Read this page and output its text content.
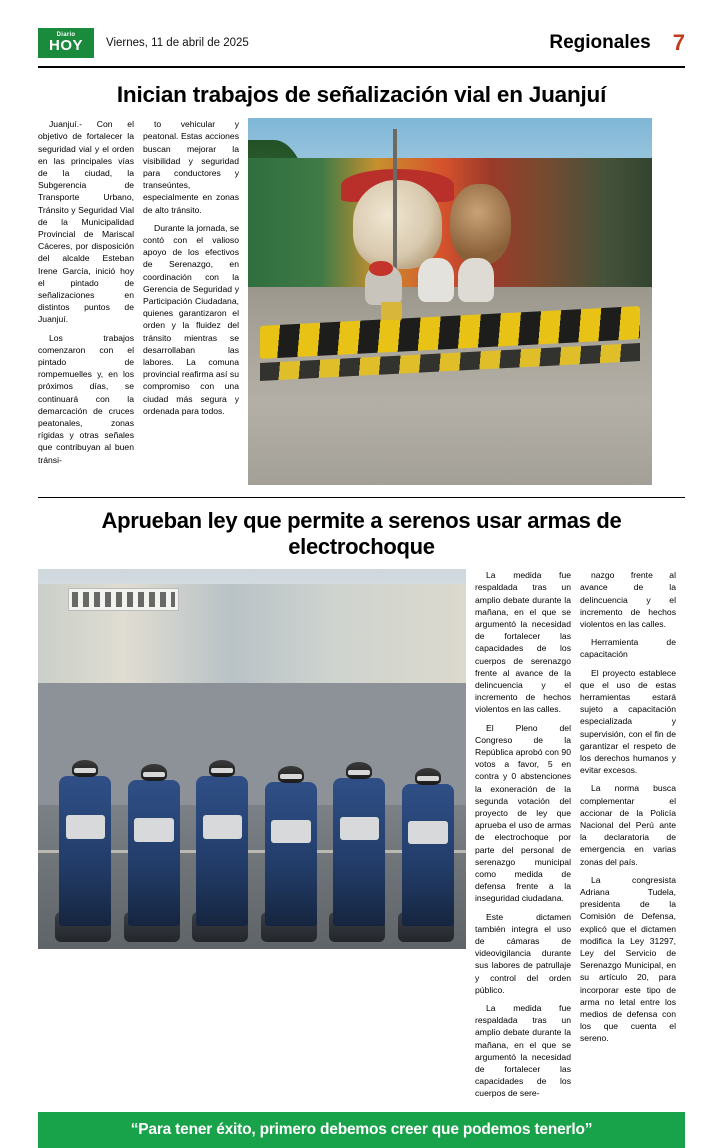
Diario
HOY Viernes, 11 de abril de 2025	Regionales 7
Inician trabajos de señalización vial en Juanjuí

Juanjuí.- Con el objetivo de fortalecer la seguridad vial y el orden en las principales vías de la ciudad, la Subgerencia de Transporte Urbano, Tránsito y Seguridad Vial de la Municipalidad Provincial de Mariscal Cáceres, por disposición del alcalde Esteban Irene García, inició hoy el pintado de señalizaciones en distintos puntos de Juanjuí.

Los trabajos comenzaron con el pintado de rompemuelles y, en los próximos días, se continuará con la demarcación de cruces peatonales, zonas rígidas y otras señales que contribuyan al buen tránsi-

to vehicular y peatonal. Estas acciones buscan mejorar la visibilidad y seguridad para conductores y transeúntes, especialmente en zonas de alto tránsito.

Durante la jornada, se contó con el valioso apoyo de los efectivos de Serenazgo, en coordinación con la Gerencia de Seguridad y Participación Ciudadana, quienes garantizaron el orden y la fluidez del tránsito mientras se desarrollaban las labores. La comuna provincial reafirma así su compromiso con una ciudad más segura y ordenada para todos.

Aprueban ley que permite a serenos usar armas de electrochoque

La medida fue respaldada tras un amplio debate durante la mañana, en el que se argumentó la necesidad de fortalecer las capacidades de los cuerpos de serenazgo frente al avance de la delincuencia y el incremento de hechos violentos en las calles.

El Pleno del Congreso de la República aprobó con 90 votos a favor, 5 en contra y 0 abstenciones la exoneración de la segunda votación del proyecto de ley que aprueba el uso de armas de electrochoque por parte del personal de serenazgo municipal como medida de defensa frente a la inseguridad ciudadana.

Este dictamen también integra el uso de cámaras de videovigilancia durante sus labores de patrullaje y control del orden público.

La medida fue respaldada tras un amplio debate durante la mañana, en el que se argumentó la necesidad de fortalecer las capacidades de los cuerpos de sere-

nazgo frente al avance de la delincuencia y el incremento de hechos violentos en las calles.

Herramienta de capacitación

El proyecto establece que el uso de estas herramientas estará sujeto a capacitación especializada y supervisión, con el fin de garantizar el respeto de los derechos humanos y evitar excesos.

La norma busca complementar el accionar de la Policía Nacional del Perú ante la declaratoria de emergencia en varias zonas del país.

La congresista Adriana Tudela, presidenta de la Comisión de Defensa, explicó que el dictamen modifica la Ley 31297, Ley del Servicio de Serenazgo Municipal, en su artículo 20, para incorporar este tipo de arma no letal entre los medios de defensa con los que cuenta el sereno.

“Para tener éxito, primero debemos creer que podemos tenerlo”
